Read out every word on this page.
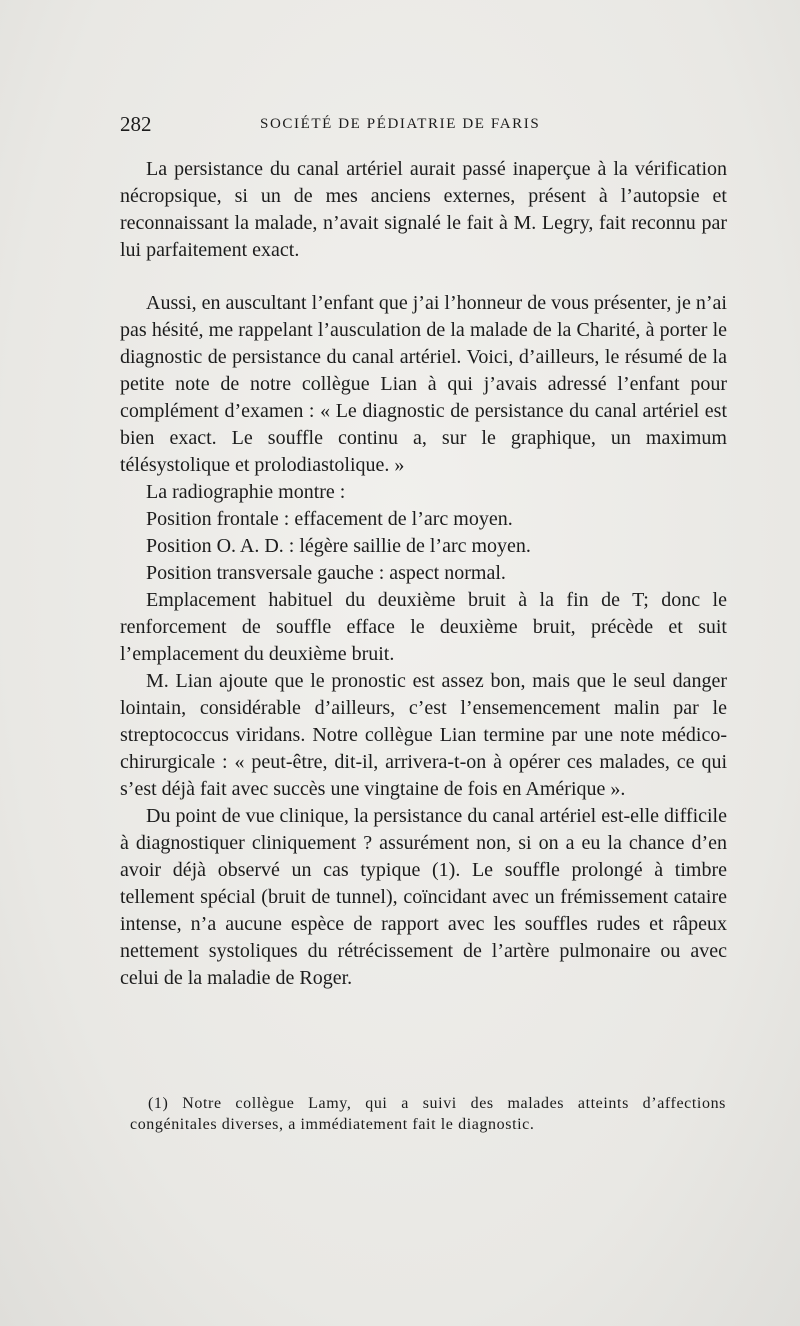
282	SOCIÉTÉ DE PÉDIATRIE DE FARIS

La persistance du canal artériel aurait passé inaperçue à la vérification nécropsique, si un de mes anciens externes, présent à l’autopsie et reconnaissant la malade, n’avait signalé le fait à M. Legry, fait reconnu par lui parfaitement exact.

Aussi, en auscultant l’enfant que j’ai l’honneur de vous présenter, je n’ai pas hésité, me rappelant l’ausculation de la malade de la Charité, à porter le diagnostic de persistance du canal artériel. Voici, d’ailleurs, le résumé de la petite note de notre collègue Lian à qui j’avais adressé l’enfant pour complément d’examen : « Le diagnostic de persistance du canal artériel est bien exact. Le souffle continu a, sur le graphique, un maximum télésystolique et prolodiastolique. »

La radiographie montre :

Position frontale : effacement de l’arc moyen.

Position O. A. D. : légère saillie de l’arc moyen.

Position transversale gauche : aspect normal.

Emplacement habituel du deuxième bruit à la fin de T; donc le renforcement de souffle efface le deuxième bruit, précède et suit l’emplacement du deuxième bruit.

M. Lian ajoute que le pronostic est assez bon, mais que le seul danger lointain, considérable d’ailleurs, c’est l’ensemencement malin par le streptococcus viridans. Notre collègue Lian termine par une note médico-chirurgicale : « peut-être, dit-il, arrivera-t-on à opérer ces malades, ce qui s’est déjà fait avec succès une vingtaine de fois en Amérique ».

Du point de vue clinique, la persistance du canal artériel est-elle difficile à diagnostiquer cliniquement ? assurément non, si on a eu la chance d’en avoir déjà observé un cas typique (1). Le souffle prolongé à timbre tellement spécial (bruit de tunnel), coïncidant avec un frémissement cataire intense, n’a aucune espèce de rapport avec les souffles rudes et râpeux nettement systoliques du rétrécissement de l’artère pulmonaire ou avec celui de la maladie de Roger.

(1) Notre collègue Lamy, qui a suivi des malades atteints d’affections congénitales diverses, a immédiatement fait le diagnostic.
